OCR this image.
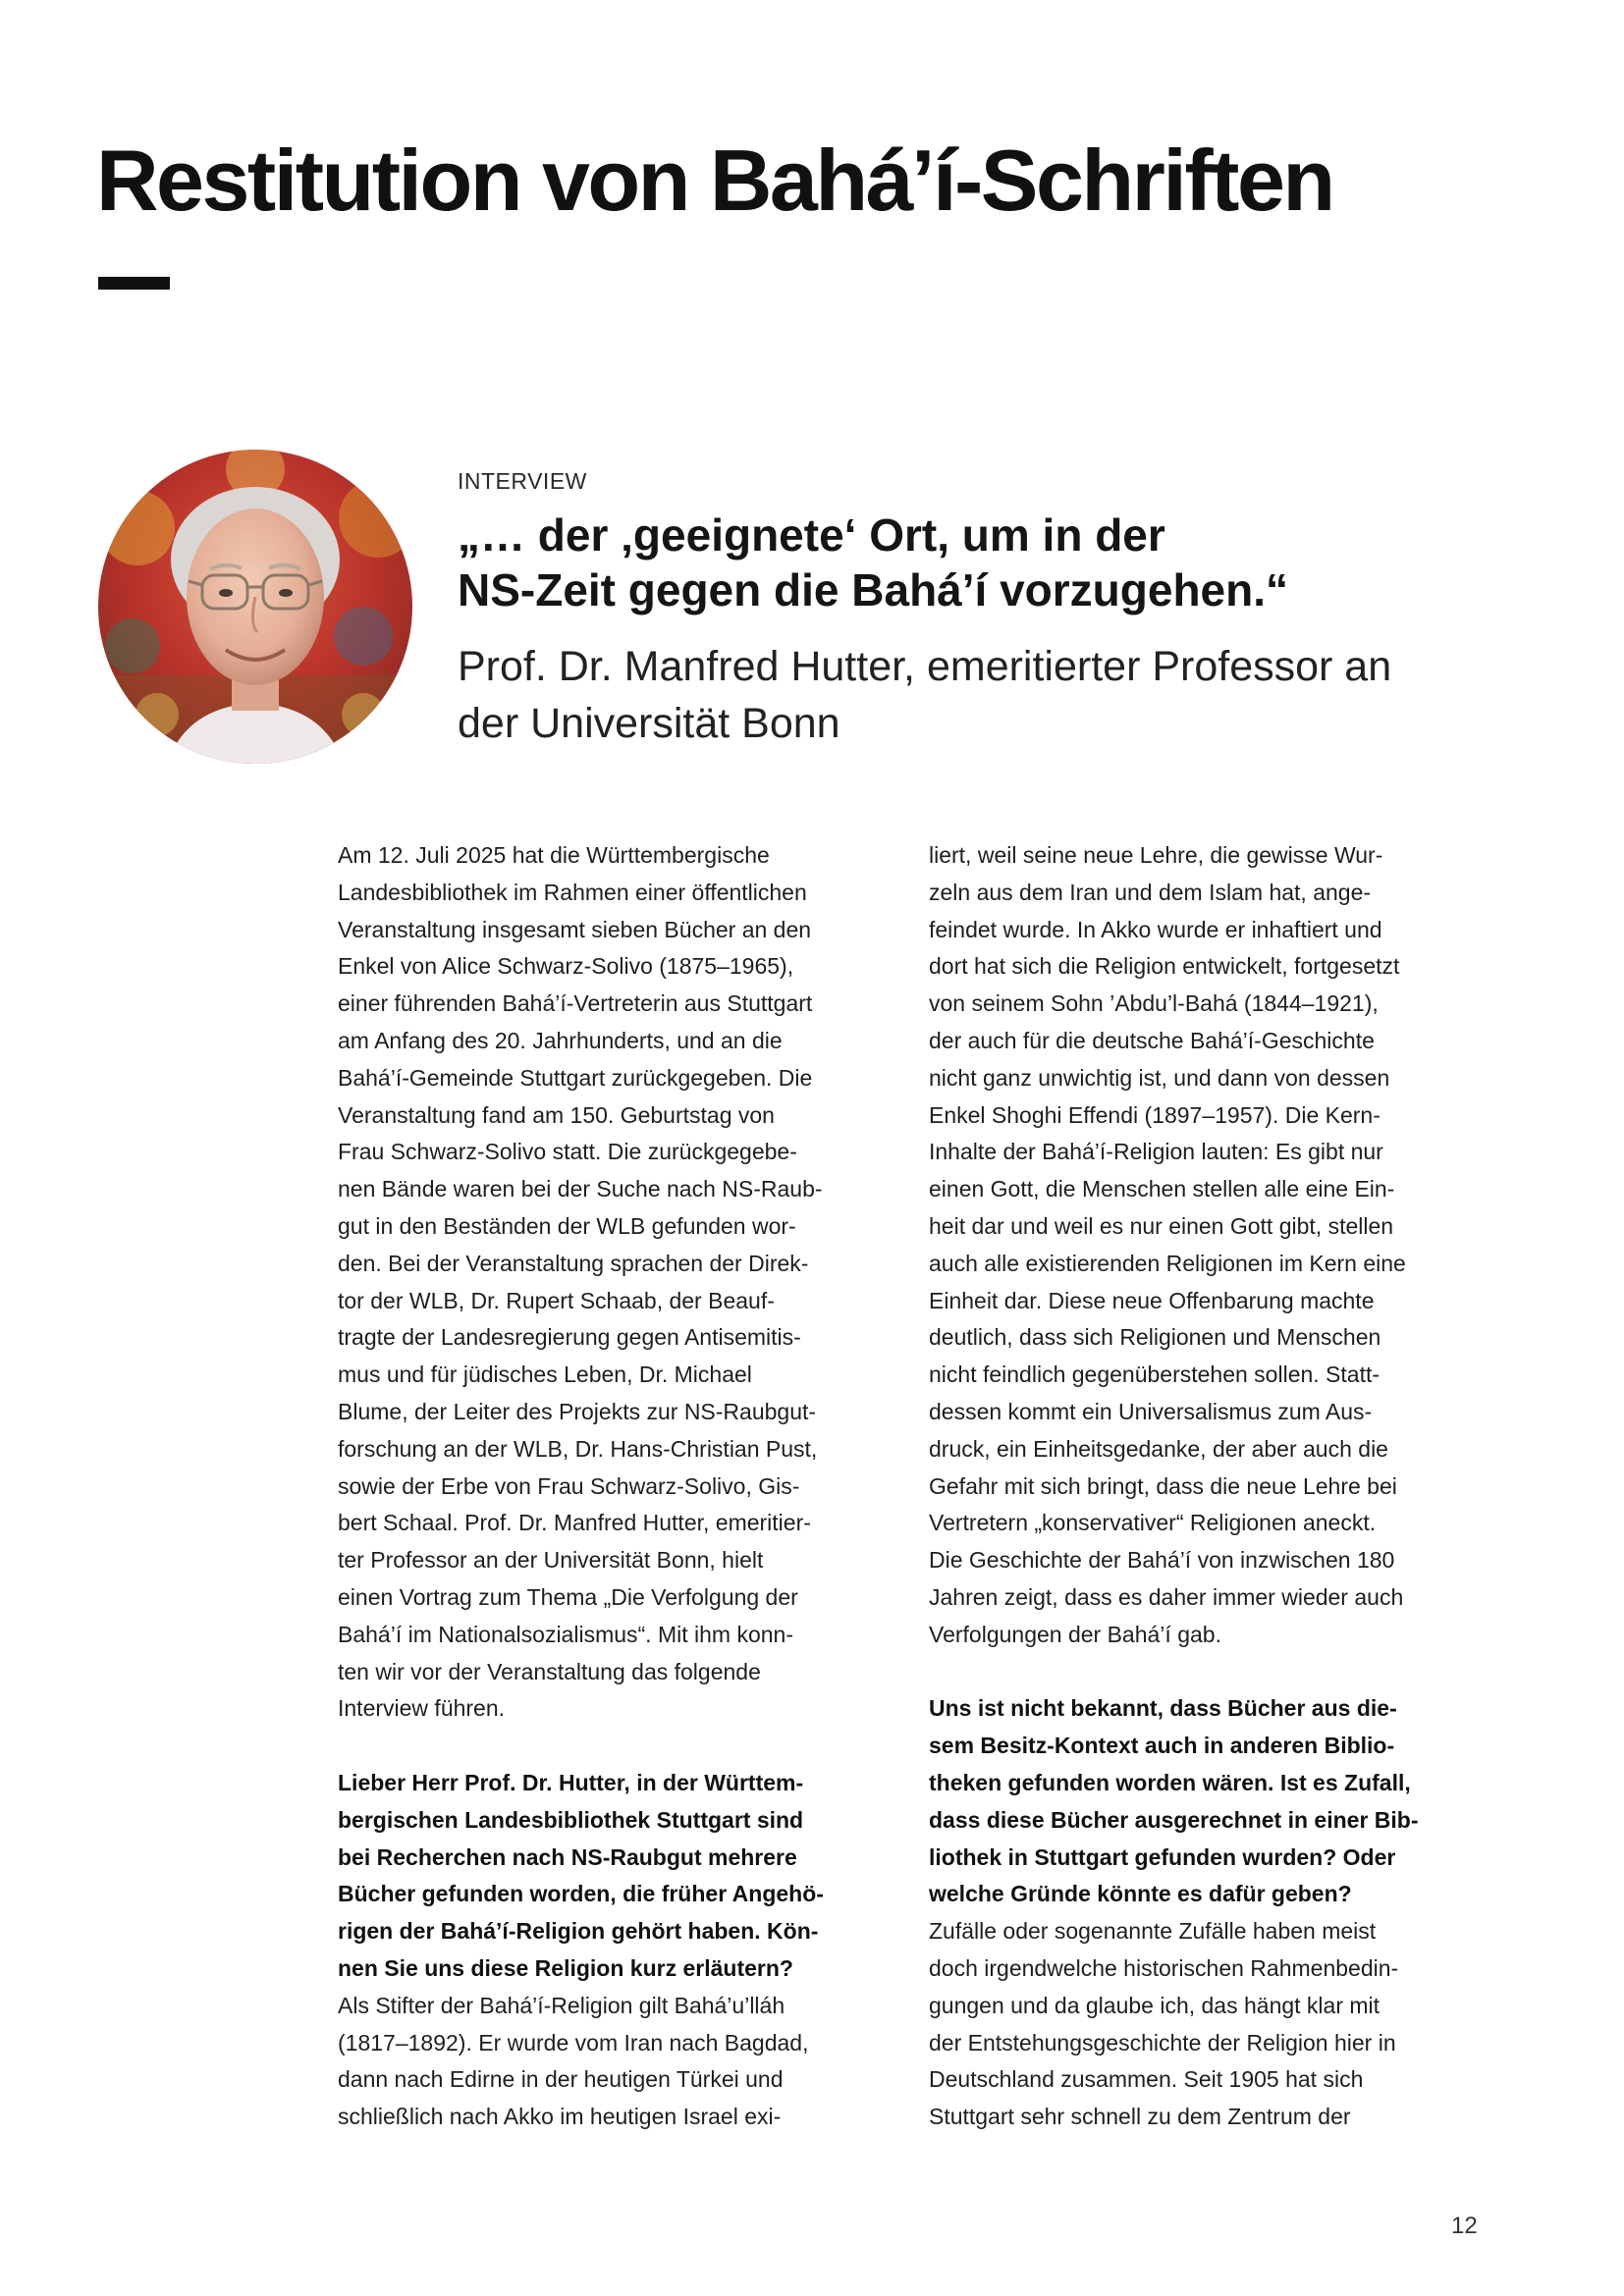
Restitution von Bahá’í-Schriften
INTERVIEW
„… der ‚geeignete‘ Ort, um in der
NS-Zeit gegen die Bahá’í vorzugehen.“

Prof. Dr. Manfred Hutter, emeritierter Professor an
der Universität Bonn

Am 12. Juli 2025 hat die Württembergische
Landesbibliothek im Rahmen einer öffentlichen
Veranstaltung insgesamt sieben Bücher an den
Enkel von Alice Schwarz-Solivo (1875–1965),
einer führenden Bahá’í-Vertreterin aus Stuttgart
am Anfang des 20. Jahrhunderts, und an die
Bahá’í-Gemeinde Stuttgart zurückgegeben. Die
Veranstaltung fand am 150. Geburtstag von
Frau Schwarz-Solivo statt. Die zurückgegebe-
nen Bände waren bei der Suche nach NS-Raub-
gut in den Beständen der WLB gefunden wor-
den. Bei der Veranstaltung sprachen der Direk-
tor der WLB, Dr. Rupert Schaab, der Beauf-
tragte der Landesregierung gegen Antisemitis-
mus und für jüdisches Leben, Dr. Michael
Blume, der Leiter des Projekts zur NS-Raubgut-
forschung an der WLB, Dr. Hans-Christian Pust,
sowie der Erbe von Frau Schwarz-Solivo, Gis-
bert Schaal. Prof. Dr. Manfred Hutter, emeritier-
ter Professor an der Universität Bonn, hielt
einen Vortrag zum Thema „Die Verfolgung der
Bahá’í im Nationalsozialismus“. Mit ihm konn-
ten wir vor der Veranstaltung das folgende
Interview führen.
Lieber Herr Prof. Dr. Hutter, in der Württem-
bergischen Landesbibliothek Stuttgart sind
bei Recherchen nach NS-Raubgut mehrere
Bücher gefunden worden, die früher Angehö-
rigen der Bahá’í-Religion gehört haben. Kön-
nen Sie uns diese Religion kurz erläutern?
Als Stifter der Bahá’í-Religion gilt Bahá’u’lláh
(1817–1892). Er wurde vom Iran nach Bagdad,
dann nach Edirne in der heutigen Türkei und
schließlich nach Akko im heutigen Israel exi-
liert, weil seine neue Lehre, die gewisse Wur-
zeln aus dem Iran und dem Islam hat, ange-
feindet wurde. In Akko wurde er inhaftiert und
dort hat sich die Religion entwickelt, fortgesetzt
von seinem Sohn ’Abdu’l-Bahá (1844–1921),
der auch für die deutsche Bahá’í-Geschichte
nicht ganz unwichtig ist, und dann von dessen
Enkel Shoghi Effendi (1897–1957). Die Kern-
Inhalte der Bahá’í-Religion lauten: Es gibt nur
einen Gott, die Menschen stellen alle eine Ein-
heit dar und weil es nur einen Gott gibt, stellen
auch alle existierenden Religionen im Kern eine
Einheit dar. Diese neue Offenbarung machte
deutlich, dass sich Religionen und Menschen
nicht feindlich gegenüberstehen sollen. Statt-
dessen kommt ein Universalismus zum Aus-
druck, ein Einheitsgedanke, der aber auch die
Gefahr mit sich bringt, dass die neue Lehre bei
Vertretern „konservativer“ Religionen aneckt.
Die Geschichte der Bahá’í von inzwischen 180
Jahren zeigt, dass es daher immer wieder auch
Verfolgungen der Bahá’í gab.
Uns ist nicht bekannt, dass Bücher aus die-
sem Besitz-Kontext auch in anderen Biblio-
theken gefunden worden wären. Ist es Zufall,
dass diese Bücher ausgerechnet in einer Bib-
liothek in Stuttgart gefunden wurden? Oder
welche Gründe könnte es dafür geben?
Zufälle oder sogenannte Zufälle haben meist
doch irgendwelche historischen Rahmenbedin-
gungen und da glaube ich, das hängt klar mit
der Entstehungsgeschichte der Religion hier in
Deutschland zusammen. Seit 1905 hat sich
Stuttgart sehr schnell zu dem Zentrum der
12
